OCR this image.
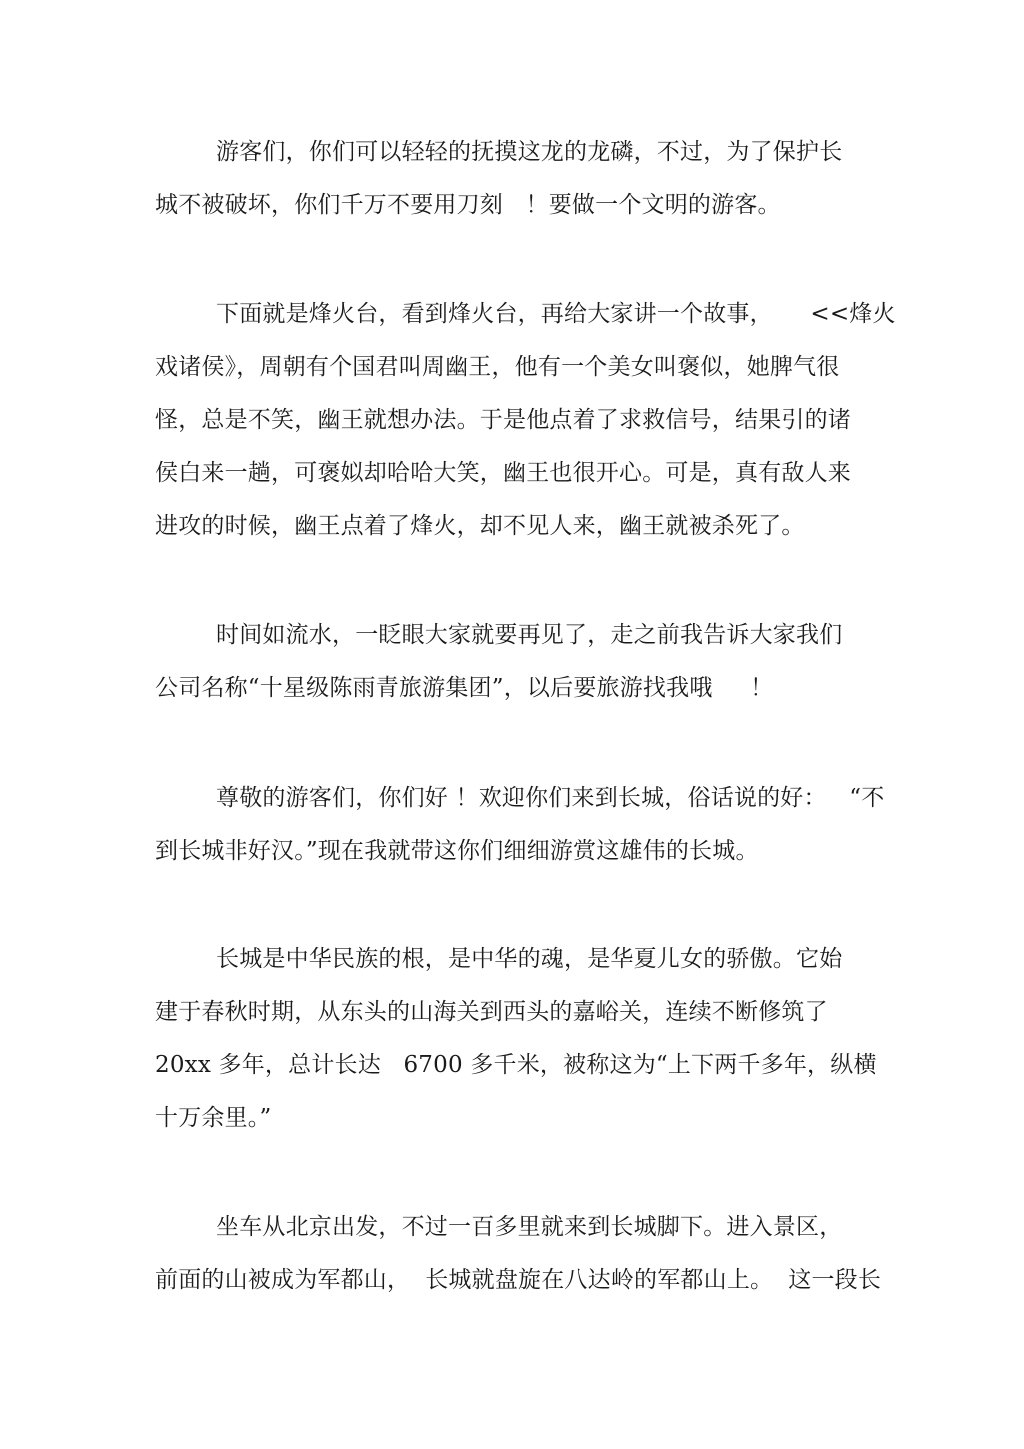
游客们，你们可以轻轻的抚摸这龙的龙磷，不过，为了保护长
城不被破坏，你们千万不要用刀刻   ！要做一个文明的游客。
下面就是烽火台，看到烽火台，再给大家讲一个故事，     <<烽火
戏诸侯》，周朝有个国君叫周幽王，他有一个美女叫褒似，她脾气很
怪，总是不笑，幽王就想办法。于是他点着了求救信号，结果引的诸
侯白来一趟，可褒姒却哈哈大笑，幽王也很开心。可是，真有敌人来
进攻的时候，幽王点着了烽火，却不见人来，幽王就被杀死了。
时间如流水，一眨眼大家就要再见了，走之前我告诉大家我们
公司名称“十星级陈雨青旅游集团”，以后要旅游找我哦     ！
尊敬的游客们，你们好 ！欢迎你们来到长城，俗话说的好：   “不
到长城非好汉。”现在我就带这你们细细游赏这雄伟的长城。
长城是中华民族的根，是中华的魂，是华夏儿女的骄傲。它始
建于春秋时期，从东头的山海关到西头的嘉峪关，连续不断修筑了
20xx 多年，总计长达   6700 多千米，被称这为“上下两千多年，纵横
十万余里。”
坐车从北京出发，不过一百多里就来到长城脚下。进入景区，
前面的山被成为军都山，  长城就盘旋在八达岭的军都山上。  这一段长
